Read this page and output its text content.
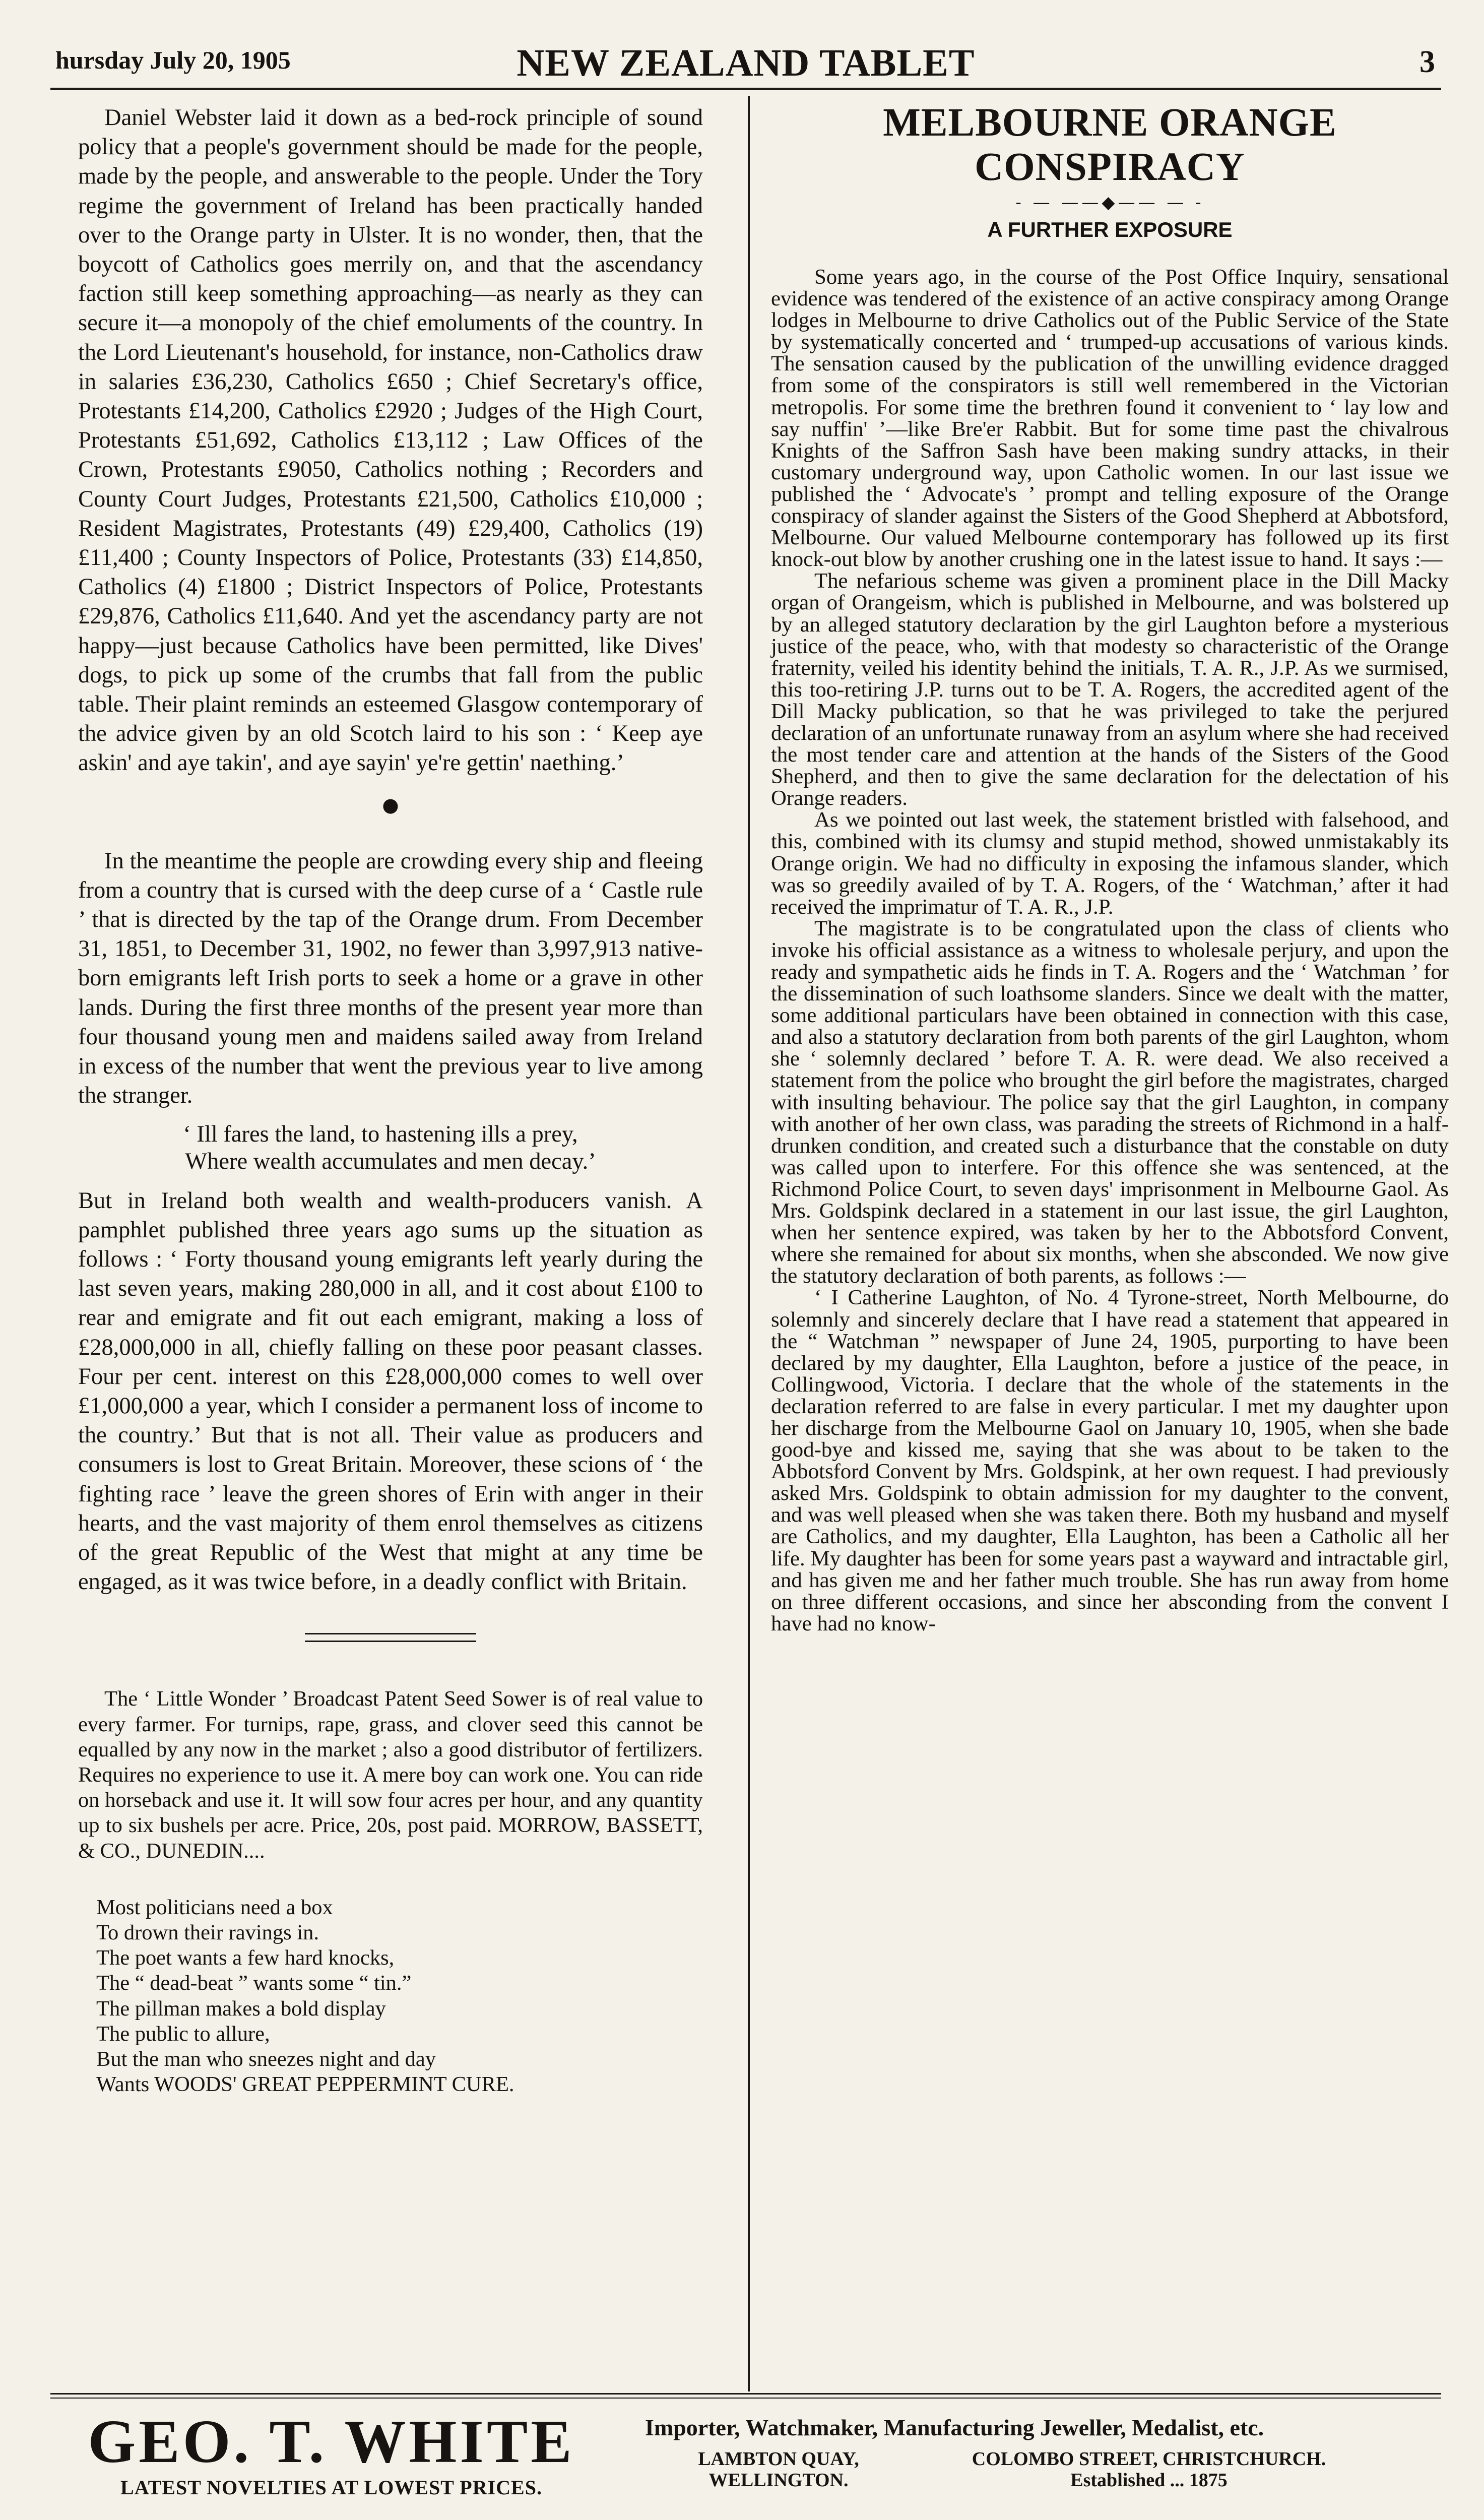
hursday July 20, 1905	NEW ZEALAND TABLET	3

Daniel Webster laid it down as a bed-rock principle of sound policy that a people's government should be made for the people, made by the people, and answerable to the people. Under the Tory regime the government of Ireland has been practically handed over to the Orange party in Ulster. It is no wonder, then, that the boycott of Catholics goes merrily on, and that the ascendancy faction still keep something approaching—as nearly as they can secure it—a monopoly of the chief emoluments of the country. In the Lord Lieutenant's household, for instance, non-Catholics draw in salaries £36,230, Catholics £650 ; Chief Secretary's office, Protestants £14,200, Catholics £2920 ; Judges of the High Court, Protestants £51,692, Catholics £13,112 ; Law Offices of the Crown, Protestants £9050, Catholics nothing ; Recorders and County Court Judges, Protestants £21,500, Catholics £10,000 ; Resident Magistrates, Protestants (49) £29,400, Catholics (19) £11,400 ; County Inspectors of Police, Protestants (33) £14,850, Catholics (4) £1800 ; District Inspectors of Police, Protestants £29,876, Catholics £11,640. And yet the ascendancy party are not happy—just because Catholics have been permitted, like Dives' dogs, to pick up some of the crumbs that fall from the public table. Their plaint reminds an esteemed Glasgow contemporary of the advice given by an old Scotch laird to his son : ‘ Keep aye askin' and aye takin', and aye sayin' ye're gettin' naething.’

●

In the meantime the people are crowding every ship and fleeing from a country that is cursed with the deep curse of a ‘ Castle rule ’ that is directed by the tap of the Orange drum. From December 31, 1851, to December 31, 1902, no fewer than 3,997,913 native-born emigrants left Irish ports to seek a home or a grave in other lands. During the first three months of the present year more than four thousand young men and maidens sailed away from Ireland in excess of the number that went the previous year to live among the stranger.

‘ Ill fares the land, to hastening ills a prey,
Where wealth accumulates and men decay.’

But in Ireland both wealth and wealth-producers vanish. A pamphlet published three years ago sums up the situation as follows : ‘ Forty thousand young emigrants left yearly during the last seven years, making 280,000 in all, and it cost about £100 to rear and emigrate and fit out each emigrant, making a loss of £28,000,000 in all, chiefly falling on these poor peasant classes. Four per cent. interest on this £28,000,000 comes to well over £1,000,000 a year, which I consider a permanent loss of income to the country.’ But that is not all. Their value as producers and consumers is lost to Great Britain. Moreover, these scions of ‘ the fighting race ’ leave the green shores of Erin with anger in their hearts, and the vast majority of them enrol themselves as citizens of the great Republic of the West that might at any time be engaged, as it was twice before, in a deadly conflict with Britain.

The ‘ Little Wonder ’ Broadcast Patent Seed Sower is of real value to every farmer. For turnips, rape, grass, and clover seed this cannot be equalled by any now in the market ; also a good distributor of fertilizers. Requires no experience to use it. A mere boy can work one. You can ride on horseback and use it. It will sow four acres per hour, and any quantity up to six bushels per acre. Price, 20s, post paid. MORROW, BASSETT, & CO., DUNEDIN....

Most politicians need a box
To drown their ravings in.
The poet wants a few hard knocks,
The “ dead-beat ” wants some “ tin.”
The pillman makes a bold display
The public to allure,
But the man who sneezes night and day
Wants WOODS' GREAT PEPPERMINT CURE.
MELBOURNE ORANGE CONSPIRACY
- — ——◆—— — -
A FURTHER EXPOSURE

Some years ago, in the course of the Post Office Inquiry, sensational evidence was tendered of the existence of an active conspiracy among Orange lodges in Melbourne to drive Catholics out of the Public Service of the State by systematically concerted and ‘ trumped-up accusations of various kinds. The sensation caused by the publication of the unwilling evidence dragged from some of the conspirators is still well remembered in the Victorian metropolis. For some time the brethren found it convenient to ‘ lay low and say nuffin' ’—like Bre'er Rabbit. But for some time past the chivalrous Knights of the Saffron Sash have been making sundry attacks, in their customary underground way, upon Catholic women. In our last issue we published the ‘ Advocate's ’ prompt and telling exposure of the Orange conspiracy of slander against the Sisters of the Good Shepherd at Abbotsford, Melbourne. Our valued Melbourne contemporary has followed up its first knock-out blow by another crushing one in the latest issue to hand. It says :—

The nefarious scheme was given a prominent place in the Dill Macky organ of Orangeism, which is published in Melbourne, and was bolstered up by an alleged statutory declaration by the girl Laughton before a mysterious justice of the peace, who, with that modesty so characteristic of the Orange fraternity, veiled his identity behind the initials, T. A. R., J.P. As we surmised, this too-retiring J.P. turns out to be T. A. Rogers, the accredited agent of the Dill Macky publication, so that he was privileged to take the perjured declaration of an unfortunate runaway from an asylum where she had received the most tender care and attention at the hands of the Sisters of the Good Shepherd, and then to give the same declaration for the delectation of his Orange readers.

As we pointed out last week, the statement bristled with falsehood, and this, combined with its clumsy and stupid method, showed unmistakably its Orange origin. We had no difficulty in exposing the infamous slander, which was so greedily availed of by T. A. Rogers, of the ‘ Watchman,’ after it had received the imprimatur of T. A. R., J.P.

The magistrate is to be congratulated upon the class of clients who invoke his official assistance as a witness to wholesale perjury, and upon the ready and sympathetic aids he finds in T. A. Rogers and the ‘ Watchman ’ for the dissemination of such loathsome slanders. Since we dealt with the matter, some additional particulars have been obtained in connection with this case, and also a statutory declaration from both parents of the girl Laughton, whom she ‘ solemnly declared ’ before T. A. R. were dead. We also received a statement from the police who brought the girl before the magistrates, charged with insulting behaviour. The police say that the girl Laughton, in company with another of her own class, was parading the streets of Richmond in a half-drunken condition, and created such a disturbance that the constable on duty was called upon to interfere. For this offence she was sentenced, at the Richmond Police Court, to seven days' imprisonment in Melbourne Gaol. As Mrs. Goldspink declared in a statement in our last issue, the girl Laughton, when her sentence expired, was taken by her to the Abbotsford Convent, where she remained for about six months, when she absconded. We now give the statutory declaration of both parents, as follows :—

‘ I Catherine Laughton, of No. 4 Tyrone-street, North Melbourne, do solemnly and sincerely declare that I have read a statement that appeared in the “ Watchman ” newspaper of June 24, 1905, purporting to have been declared by my daughter, Ella Laughton, before a justice of the peace, in Collingwood, Victoria. I declare that the whole of the statements in the declaration referred to are false in every particular. I met my daughter upon her discharge from the Melbourne Gaol on January 10, 1905, when she bade good-bye and kissed me, saying that she was about to be taken to the Abbotsford Convent by Mrs. Goldspink, at her own request. I had previously asked Mrs. Goldspink to obtain admission for my daughter to the convent, and was well pleased when she was taken there. Both my husband and myself are Catholics, and my daughter, Ella Laughton, has been a Catholic all her life. My daughter has been for some years past a wayward and intractable girl, and has given me and her father much trouble. She has run away from home on three different occasions, and since her absconding from the convent I have had no know-

GEO. T. WHITE
LATEST NOVELTIES AT LOWEST PRICES.
Importer, Watchmaker, Manufacturing Jeweller, Medalist, etc.
LAMBTON QUAY,
WELLINGTON.
COLOMBO STREET, CHRISTCHURCH.
Established ... 1875
